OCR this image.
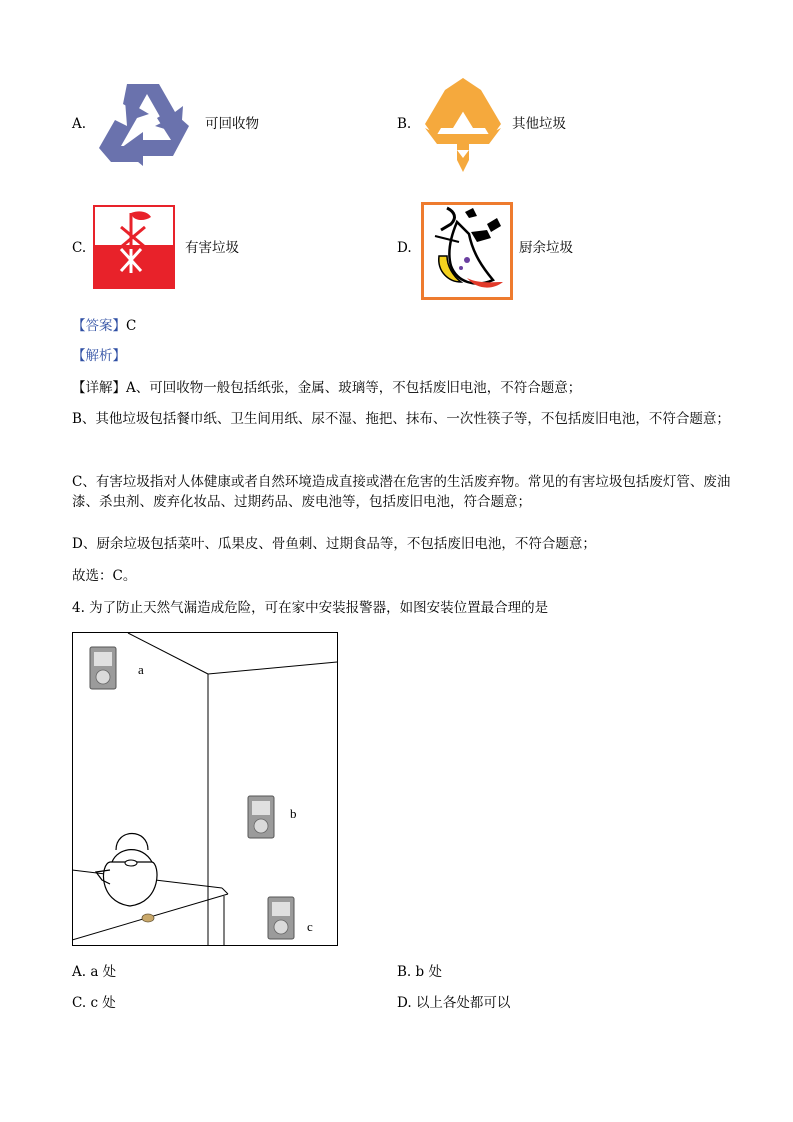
A.	可回收物	B.	其他垃圾
C.	有害垃圾	D.	厨余垃圾
【答案】C
【解析】
【详解】A、可回收物一般包括纸张，金属、玻璃等，不包括废旧电池，不符合题意；
B、其他垃圾包括餐巾纸、卫生间用纸、尿不湿、拖把、抹布、一次性筷子等，不包括废旧电池，不符合题意；
C、有害垃圾指对人体健康或者自然环境造成直接或潜在危害的生活废弃物。常见的有害垃圾包括废灯管、废油漆、杀虫剂、废弃化妆品、过期药品、废电池等，包括废旧电池，符合题意；
D、厨余垃圾包括菜叶、瓜果皮、骨鱼刺、过期食品等，不包括废旧电池，不符合题意；
故选：C。
4. 为了防止天然气漏造成危险，可在家中安装报警器，如图安装位置最合理的是
a
b
c
A. a 处	B. b 处
C. c 处	D. 以上各处都可以
